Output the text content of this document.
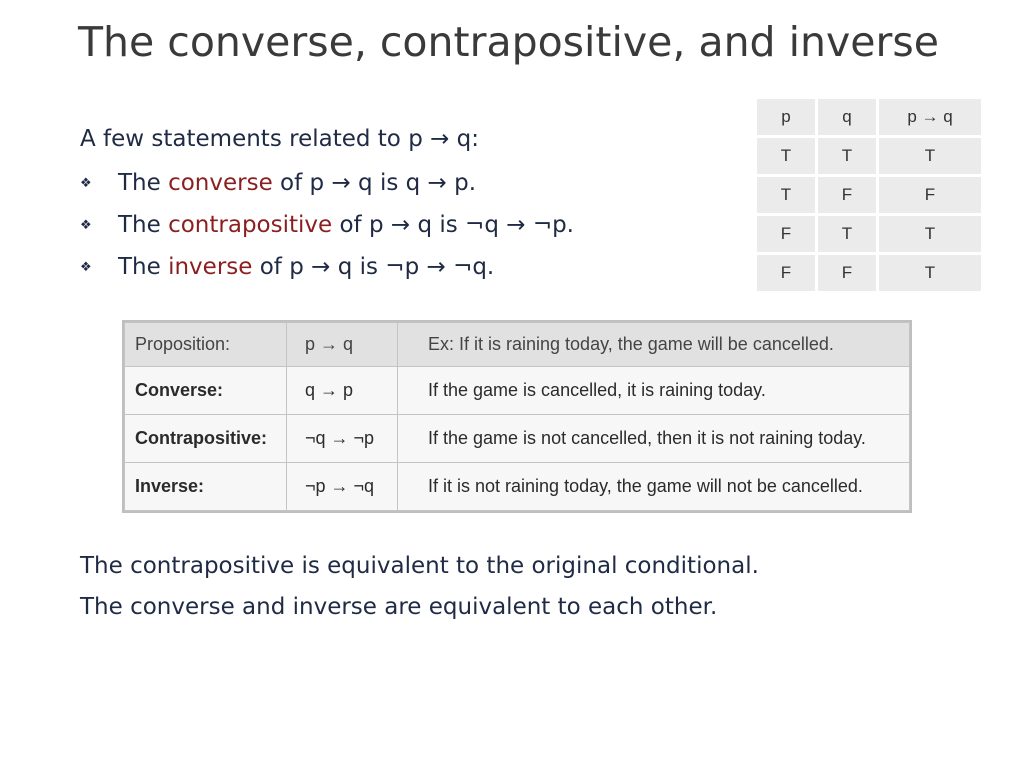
The converse, contrapositive, and inverse
A few statements related to p → q:
❖ The converse of p → q is q → p.
❖ The contrapositive of p → q is ¬q → ¬p.
❖ The inverse of p → q is ¬p → ¬q.
p	q	p → q
T	T	T
T	F	F
F	T	T
F	F	T
Proposition:	p → q	Ex: If it is raining today, the game will be cancelled.
Converse:	q → p	If the game is cancelled, it is raining today.
Contrapositive:	¬q → ¬p	If the game is not cancelled, then it is not raining today.
Inverse:	¬p → ¬q	If it is not raining today, the game will not be cancelled.
The contrapositive is equivalent to the original conditional.
The converse and inverse are equivalent to each other.
